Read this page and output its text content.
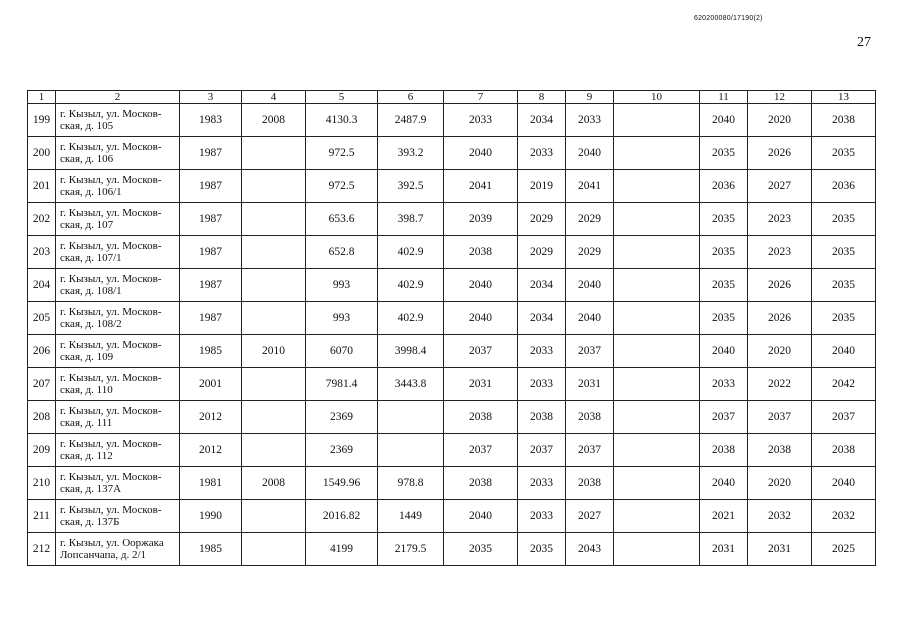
620200080/17190(2)
27
1	2	3	4	5	6	7	8	9	10	11	12	13
199	г. Кызыл, ул. Москов-ская, д. 105	1983	2008	4130.3	2487.9	2033	2034	2033		2040	2020	2038
200	г. Кызыл, ул. Москов-ская, д. 106	1987		972.5	393.2	2040	2033	2040		2035	2026	2035
201	г. Кызыл, ул. Москов-ская, д. 106/1	1987		972.5	392.5	2041	2019	2041		2036	2027	2036
202	г. Кызыл, ул. Москов-ская, д. 107	1987		653.6	398.7	2039	2029	2029		2035	2023	2035
203	г. Кызыл, ул. Москов-ская, д. 107/1	1987		652.8	402.9	2038	2029	2029		2035	2023	2035
204	г. Кызыл, ул. Москов-ская, д. 108/1	1987		993	402.9	2040	2034	2040		2035	2026	2035
205	г. Кызыл, ул. Москов-ская, д. 108/2	1987		993	402.9	2040	2034	2040		2035	2026	2035
206	г. Кызыл, ул. Москов-ская, д. 109	1985	2010	6070	3998.4	2037	2033	2037		2040	2020	2040
207	г. Кызыл, ул. Москов-ская, д. 110	2001		7981.4	3443.8	2031	2033	2031		2033	2022	2042
208	г. Кызыл, ул. Москов-ская, д. 111	2012		2369		2038	2038	2038		2037	2037	2037
209	г. Кызыл, ул. Москов-ская, д. 112	2012		2369		2037	2037	2037		2038	2038	2038
210	г. Кызыл, ул. Москов-ская, д. 137А	1981	2008	1549.96	978.8	2038	2033	2038		2040	2020	2040
211	г. Кызыл, ул. Москов-ская, д. 137Б	1990		2016.82	1449	2040	2033	2027		2021	2032	2032
212	г. Кызыл, ул. Ооржака Лопсанчапа, д. 2/1	1985		4199	2179.5	2035	2035	2043		2031	2031	2025
